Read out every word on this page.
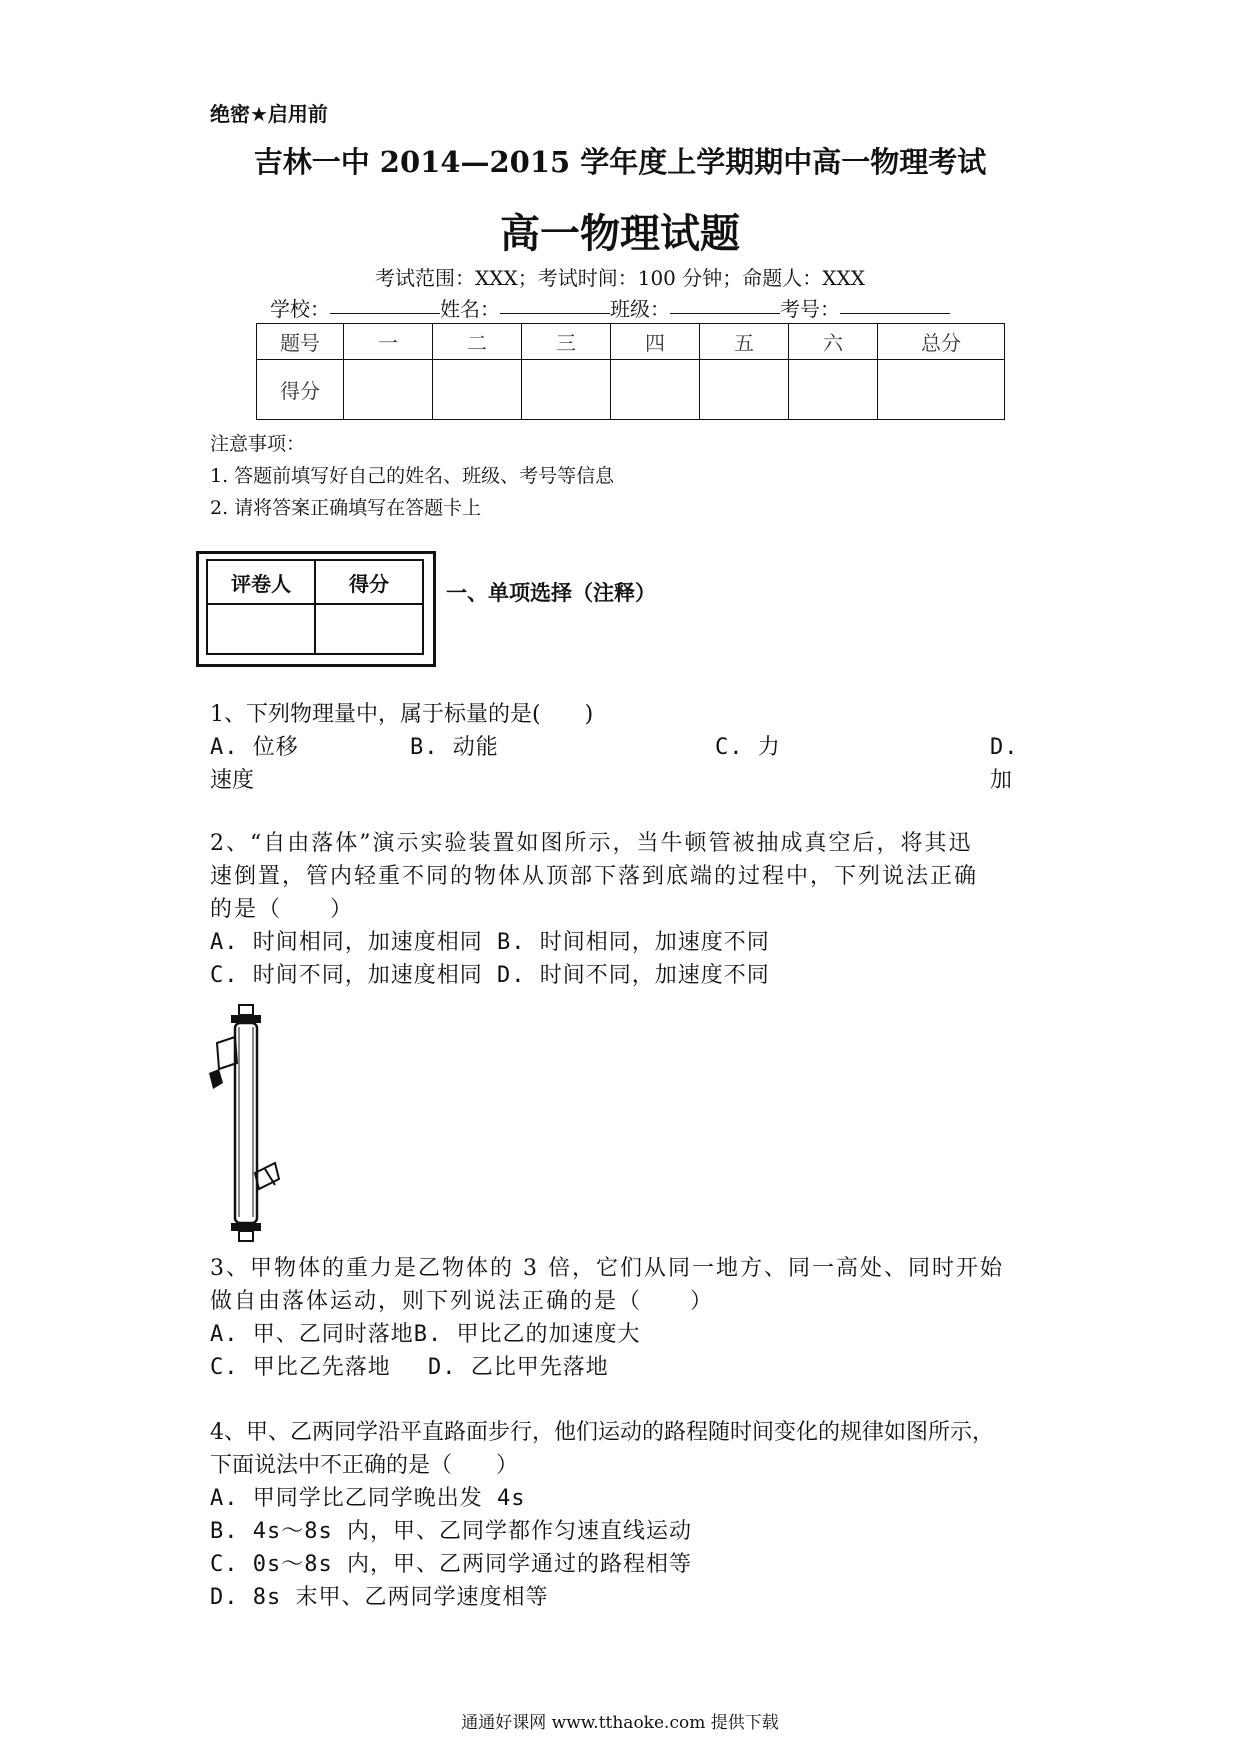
绝密★启用前
吉林一中 2014—2015 学年度上学期期中高一物理考试
高一物理试题
考试范围：XXX；考试时间：100 分钟；命题人：XXX
学校：	姓名：	班级：	考号：
题号	一	二	三	四	五	六	总分
得分							
注意事项：
1. 答题前填写好自己的姓名、班级、考号等信息
2. 请将答案正确填写在答题卡上
评卷人	得分
		一、单项选择（注释）
1、下列物理量中，属于标量的是(　　)
A. 位移	B. 动能	C. 力	D. 加
速度
2、“自由落体”演示实验装置如图所示，当牛顿管被抽成真空后，将其迅
速倒置，管内轻重不同的物体从顶部下落到底端的过程中，下列说法正确
的是（　　）
A. 时间相同，加速度相同 B. 时间相同，加速度不同
C. 时间不同，加速度相同 D. 时间不同，加速度不同
3、甲物体的重力是乙物体的 3 倍，它们从同一地方、同一高处、同时开始
做自由落体运动，则下列说法正确的是（　　）
A. 甲、乙同时落地B. 甲比乙的加速度大
C. 甲比乙先落地　 D. 乙比甲先落地
4、甲、乙两同学沿平直路面步行，他们运动的路程随时间变化的规律如图所示，
下面说法中不正确的是（　　）
A. 甲同学比乙同学晚出发 4s
B. 4s～8s 内，甲、乙同学都作匀速直线运动
C. 0s～8s 内，甲、乙两同学通过的路程相等
D. 8s 末甲、乙两同学速度相等
通通好课网 www.tthaoke.com 提供下载
